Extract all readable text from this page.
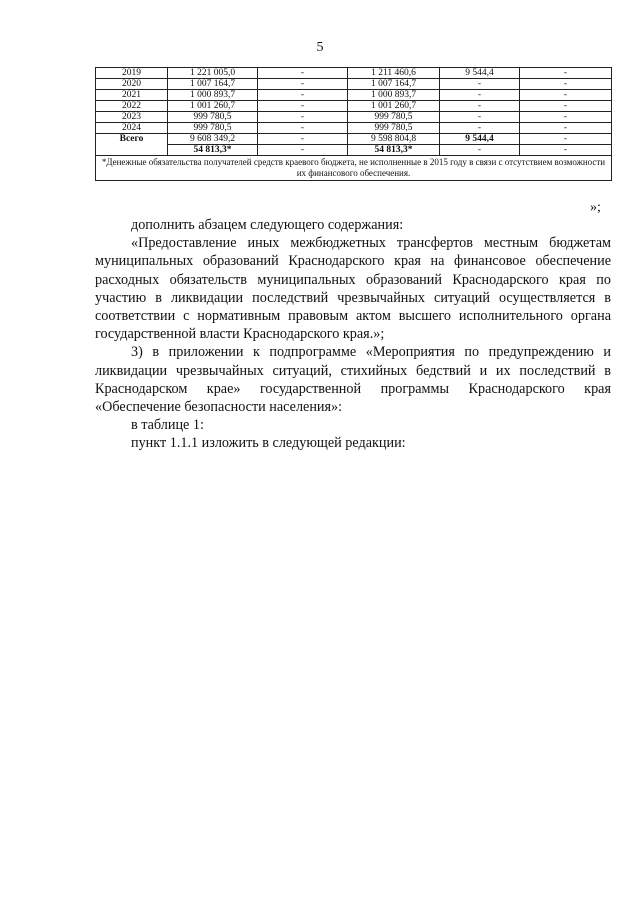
5
2019	1 221 005,0	-	1 211 460,6	9 544,4	-
2020	1 007 164,7	-	1 007 164,7	-	-
2021	1 000 893,7	-	1 000 893,7	-	-
2022	1 001 260,7	-	1 001 260,7	-	-
2023	999 780,5	-	999 780,5	-	-
2024	999 780,5	-	999 780,5	-	-
Всего	9 608 349,2	-	9 598 804,8	9 544,4	-
	54 813,3*	-	54 813,3*	-	-
*Денежные обязательства получателей средств краевого бюджета, не исполненные в 2015 году в связи с отсутствием возможности их финансового обеспечения.					
»;

дополнить абзацем следующего содержания:

«Предоставление иных межбюджетных трансфертов местным бюджетам муниципальных образований Краснодарского края на финансовое обеспечение расходных обязательств муниципальных образований Краснодарского края по участию в ликвидации последствий чрезвычайных ситуаций осуществляется в соответствии с нормативным правовым актом высшего исполнительного органа государственной власти Краснодарского края.»;

3) в приложении к подпрограмме «Мероприятия по предупреждению и ликвидации чрезвычайных ситуаций, стихийных бедствий и их последствий в Краснодарском крае» государственной программы Краснодарского края «Обеспечение безопасности населения»:

в таблице 1:

пункт 1.1.1 изложить в следующей редакции:
